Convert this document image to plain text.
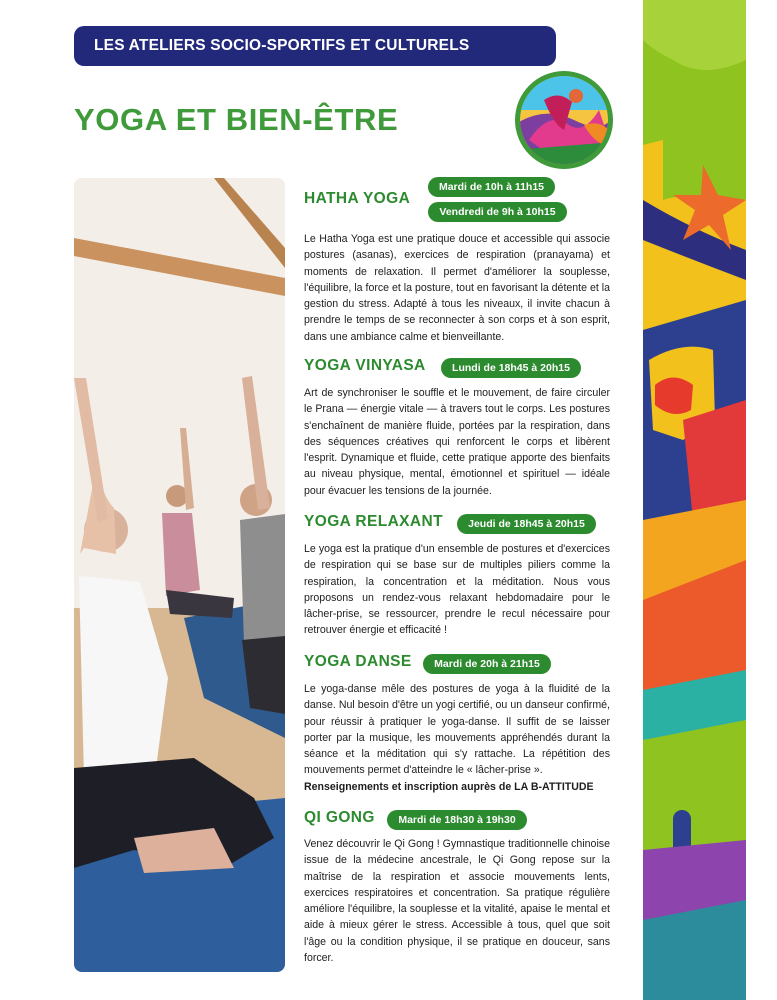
LES ATELIERS SOCIO-SPORTIFS ET CULTURELS
YOGA ET BIEN-ÊTRE
HATHA YOGA
Mardi de 10h à 11h15
Vendredi de 9h à 10h15

Le Hatha Yoga est une pratique douce et accessible qui associe postures (asanas), exercices de respiration (pranayama) et moments de relaxation. Il permet d'améliorer la souplesse, l'équilibre, la force et la posture, tout en favorisant la détente et la gestion du stress. Adapté à tous les niveaux, il invite chacun à prendre le temps de se reconnecter à son corps et à son esprit, dans une ambiance calme et bienveillante.

YOGA VINYASA	Lundi de 18h45 à 20h15

Art de synchroniser le souffle et le mouvement, de faire circuler le Prana — énergie vitale — à travers tout le corps. Les postures s'enchaînent de manière fluide, portées par la respiration, dans des séquences créatives qui renforcent le corps et libèrent l'esprit. Dynamique et fluide, cette pratique apporte des bienfaits au niveau physique, mental, émotionnel et spirituel — idéale pour évacuer les tensions de la journée.

YOGA RELAXANT	Jeudi de 18h45 à 20h15

Le yoga est la pratique d'un ensemble de postures et d'exercices de respiration qui se base sur de multiples piliers comme la respiration, la concentration et la méditation. Nous vous proposons un rendez-vous relaxant hebdomadaire pour le lâcher-prise, se ressourcer, prendre le recul nécessaire pour retrouver énergie et efficacité !

YOGA DANSE	Mardi de 20h à 21h15

Le yoga-danse mêle des postures de yoga à la fluidité de la danse. Nul besoin d'être un yogi certifié, ou un danseur confirmé, pour réussir à pratiquer le yoga-danse. Il suffit de se laisser porter par la musique, les mouvements appréhendés durant la séance et la méditation qui s'y rattache. La répétition des mouvements permet d'atteindre le « lâcher-prise ».
Renseignements et inscription auprès de LA B-ATTITUDE

QI GONG	Mardi de 18h30 à 19h30

Venez découvrir le Qi Gong ! Gymnastique traditionnelle chinoise issue de la médecine ancestrale, le Qi Gong repose sur la maîtrise de la respiration et associe mouvements lents, exercices respiratoires et concentration. Sa pratique régulière améliore l'équilibre, la souplesse et la vitalité, apaise le mental et aide à mieux gérer le stress. Accessible à tous, quel que soit l'âge ou la condition physique, il se pratique en douceur, sans forcer.
